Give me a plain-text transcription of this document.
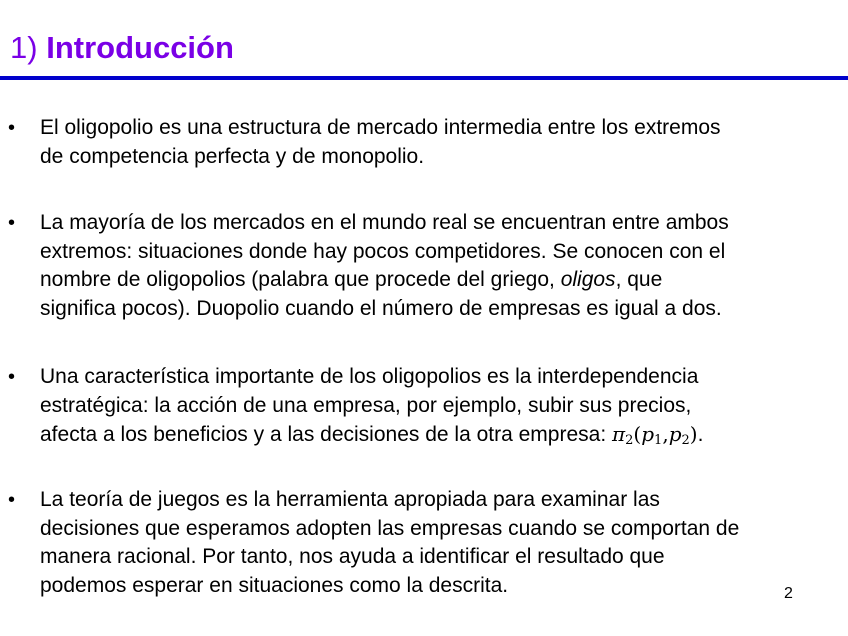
1) Introducción
• El oligopolio es una estructura de mercado intermedia entre los extremos
de competencia perfecta y de monopolio.

• La mayoría de los mercados en el mundo real se encuentran entre ambos
extremos: situaciones donde hay pocos competidores. Se conocen con el
nombre de oligopolios (palabra que procede del griego, oligos, que
significa pocos). Duopolio cuando el número de empresas es igual a dos.

• Una característica importante de los oligopolios es la interdependencia
estratégica: la acción de una empresa, por ejemplo, subir sus precios,
afecta a los beneficios y a las decisiones de la otra empresa: $\pi_2(p_1,p_2)$.

• La teoría de juegos es la herramienta apropiada para examinar las
decisiones que esperamos adopten las empresas cuando se comportan de
manera racional. Por tanto, nos ayuda a identificar el resultado que
podemos esperar en situaciones como la descrita.	2
